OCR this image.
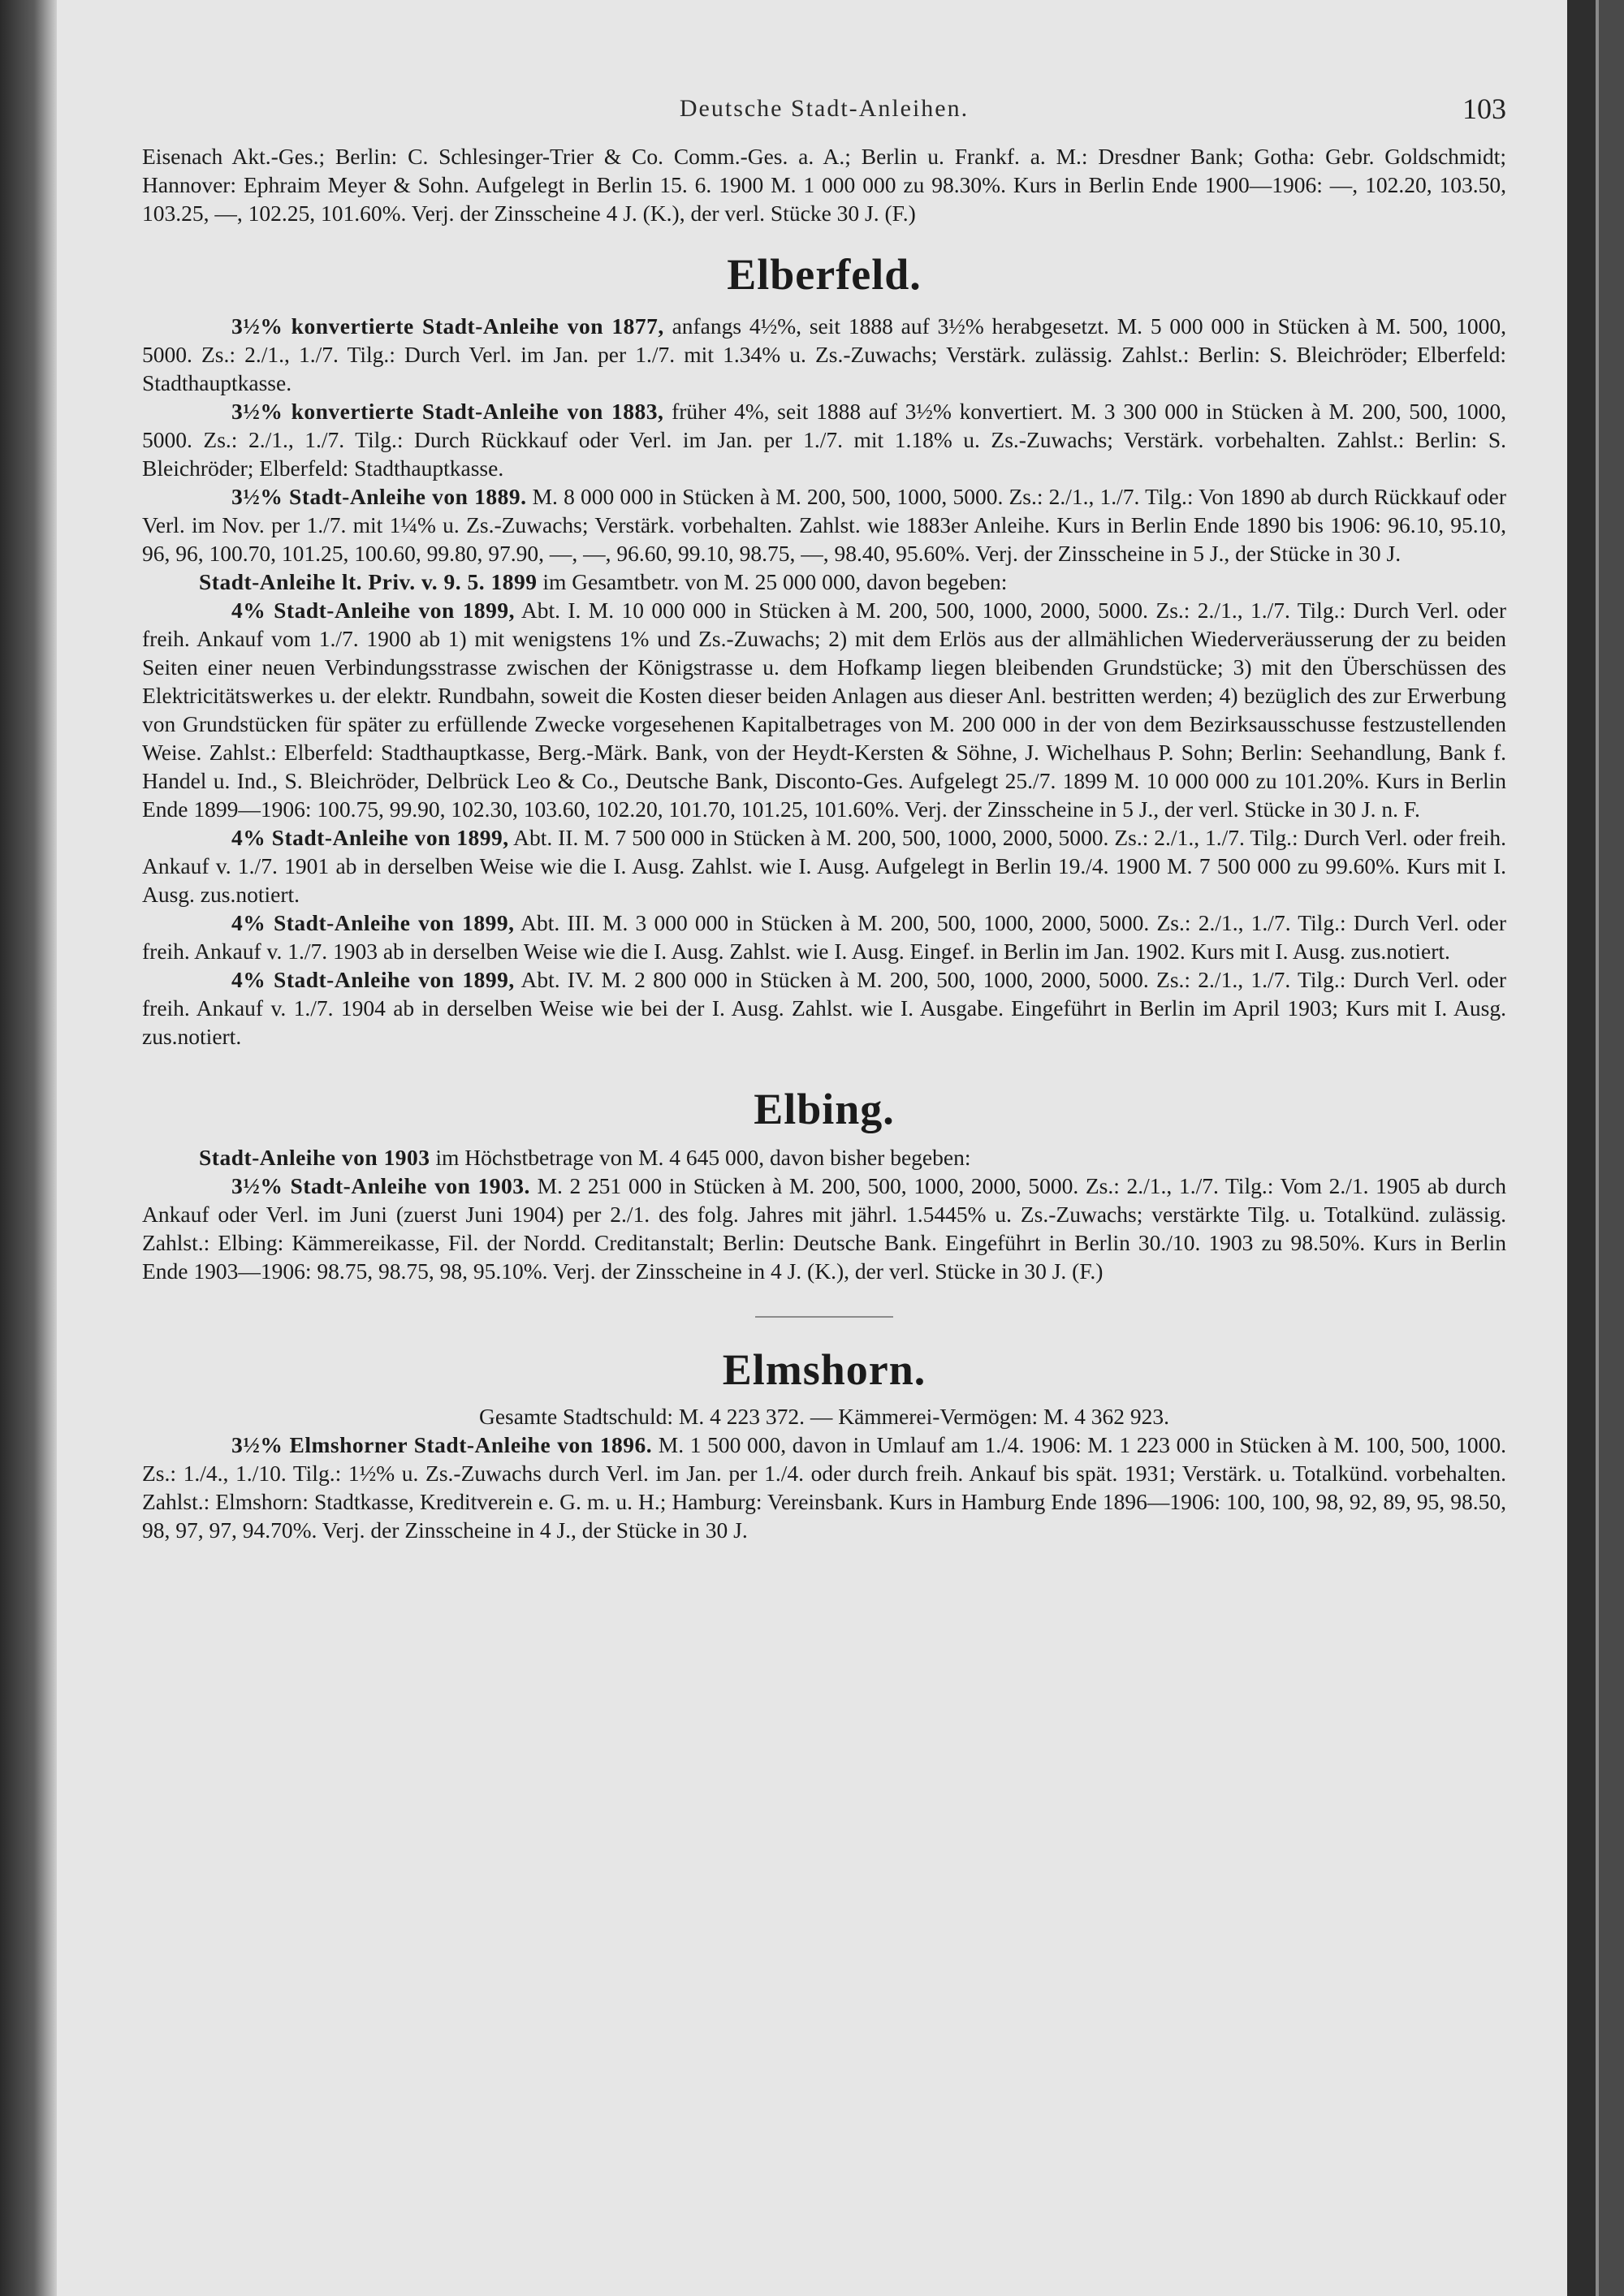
Deutsche Stadt-Anleihen.	103

Eisenach Akt.-Ges.; Berlin: C. Schlesinger-Trier & Co. Comm.-Ges. a. A.; Berlin u. Frankf. a. M.: Dresdner Bank; Gotha: Gebr. Goldschmidt; Hannover: Ephraim Meyer & Sohn. Aufgelegt in Berlin 15. 6. 1900 M. 1 000 000 zu 98.30%. Kurs in Berlin Ende 1900—1906: —, 102.20, 103.50, 103.25, —, 102.25, 101.60%. Verj. der Zinsscheine 4 J. (K.), der verl. Stücke 30 J. (F.)

Elberfeld.

3½% konvertierte Stadt-Anleihe von 1877, anfangs 4½%, seit 1888 auf 3½% herabgesetzt. M. 5 000 000 in Stücken à M. 500, 1000, 5000. Zs.: 2./1., 1./7. Tilg.: Durch Verl. im Jan. per 1./7. mit 1.34% u. Zs.-Zuwachs; Verstärk. zulässig. Zahlst.: Berlin: S. Bleichröder; Elberfeld: Stadthauptkasse.

3½% konvertierte Stadt-Anleihe von 1883, früher 4%, seit 1888 auf 3½% konvertiert. M. 3 300 000 in Stücken à M. 200, 500, 1000, 5000. Zs.: 2./1., 1./7. Tilg.: Durch Rückkauf oder Verl. im Jan. per 1./7. mit 1.18% u. Zs.-Zuwachs; Verstärk. vorbehalten. Zahlst.: Berlin: S. Bleichröder; Elberfeld: Stadthauptkasse.

3½% Stadt-Anleihe von 1889. M. 8 000 000 in Stücken à M. 200, 500, 1000, 5000. Zs.: 2./1., 1./7. Tilg.: Von 1890 ab durch Rückkauf oder Verl. im Nov. per 1./7. mit 1¼% u. Zs.-Zuwachs; Verstärk. vorbehalten. Zahlst. wie 1883er Anleihe. Kurs in Berlin Ende 1890 bis 1906: 96.10, 95.10, 96, 96, 100.70, 101.25, 100.60, 99.80, 97.90, —, —, 96.60, 99.10, 98.75, —, 98.40, 95.60%. Verj. der Zinsscheine in 5 J., der Stücke in 30 J.

Stadt-Anleihe lt. Priv. v. 9. 5. 1899 im Gesamtbetr. von M. 25 000 000, davon begeben:

4% Stadt-Anleihe von 1899, Abt. I. M. 10 000 000 in Stücken à M. 200, 500, 1000, 2000, 5000. Zs.: 2./1., 1./7. Tilg.: Durch Verl. oder freih. Ankauf vom 1./7. 1900 ab 1) mit wenigstens 1% und Zs.-Zuwachs; 2) mit dem Erlös aus der allmählichen Wiederveräusserung der zu beiden Seiten einer neuen Verbindungsstrasse zwischen der Königstrasse u. dem Hofkamp liegen bleibenden Grundstücke; 3) mit den Überschüssen des Elektricitätswerkes u. der elektr. Rundbahn, soweit die Kosten dieser beiden Anlagen aus dieser Anl. bestritten werden; 4) bezüglich des zur Erwerbung von Grundstücken für später zu erfüllende Zwecke vorgesehenen Kapitalbetrages von M. 200 000 in der von dem Bezirksausschusse festzustellenden Weise. Zahlst.: Elberfeld: Stadthauptkasse, Berg.-Märk. Bank, von der Heydt-Kersten & Söhne, J. Wichelhaus P. Sohn; Berlin: Seehandlung, Bank f. Handel u. Ind., S. Bleichröder, Delbrück Leo & Co., Deutsche Bank, Disconto-Ges. Aufgelegt 25./7. 1899 M. 10 000 000 zu 101.20%. Kurs in Berlin Ende 1899—1906: 100.75, 99.90, 102.30, 103.60, 102.20, 101.70, 101.25, 101.60%. Verj. der Zinsscheine in 5 J., der verl. Stücke in 30 J. n. F.

4% Stadt-Anleihe von 1899, Abt. II. M. 7 500 000 in Stücken à M. 200, 500, 1000, 2000, 5000. Zs.: 2./1., 1./7. Tilg.: Durch Verl. oder freih. Ankauf v. 1./7. 1901 ab in derselben Weise wie die I. Ausg. Zahlst. wie I. Ausg. Aufgelegt in Berlin 19./4. 1900 M. 7 500 000 zu 99.60%. Kurs mit I. Ausg. zus.notiert.

4% Stadt-Anleihe von 1899, Abt. III. M. 3 000 000 in Stücken à M. 200, 500, 1000, 2000, 5000. Zs.: 2./1., 1./7. Tilg.: Durch Verl. oder freih. Ankauf v. 1./7. 1903 ab in derselben Weise wie die I. Ausg. Zahlst. wie I. Ausg. Eingef. in Berlin im Jan. 1902. Kurs mit I. Ausg. zus.notiert.

4% Stadt-Anleihe von 1899, Abt. IV. M. 2 800 000 in Stücken à M. 200, 500, 1000, 2000, 5000. Zs.: 2./1., 1./7. Tilg.: Durch Verl. oder freih. Ankauf v. 1./7. 1904 ab in derselben Weise wie bei der I. Ausg. Zahlst. wie I. Ausgabe. Eingeführt in Berlin im April 1903; Kurs mit I. Ausg. zus.notiert.

Elbing.

Stadt-Anleihe von 1903 im Höchstbetrage von M. 4 645 000, davon bisher begeben:

3½% Stadt-Anleihe von 1903. M. 2 251 000 in Stücken à M. 200, 500, 1000, 2000, 5000. Zs.: 2./1., 1./7. Tilg.: Vom 2./1. 1905 ab durch Ankauf oder Verl. im Juni (zuerst Juni 1904) per 2./1. des folg. Jahres mit jährl. 1.5445% u. Zs.-Zuwachs; verstärkte Tilg. u. Totalkünd. zulässig. Zahlst.: Elbing: Kämmereikasse, Fil. der Nordd. Creditanstalt; Berlin: Deutsche Bank. Eingeführt in Berlin 30./10. 1903 zu 98.50%. Kurs in Berlin Ende 1903—1906: 98.75, 98.75, 98, 95.10%. Verj. der Zinsscheine in 4 J. (K.), der verl. Stücke in 30 J. (F.)

Elmshorn.

Gesamte Stadtschuld: M. 4 223 372. — Kämmerei-Vermögen: M. 4 362 923.

3½% Elmshorner Stadt-Anleihe von 1896. M. 1 500 000, davon in Umlauf am 1./4. 1906: M. 1 223 000 in Stücken à M. 100, 500, 1000. Zs.: 1./4., 1./10. Tilg.: 1½% u. Zs.-Zuwachs durch Verl. im Jan. per 1./4. oder durch freih. Ankauf bis spät. 1931; Verstärk. u. Totalkünd. vorbehalten. Zahlst.: Elmshorn: Stadtkasse, Kreditverein e. G. m. u. H.; Hamburg: Vereinsbank. Kurs in Hamburg Ende 1896—1906: 100, 100, 98, 92, 89, 95, 98.50, 98, 97, 97, 94.70%. Verj. der Zinsscheine in 4 J., der Stücke in 30 J.
